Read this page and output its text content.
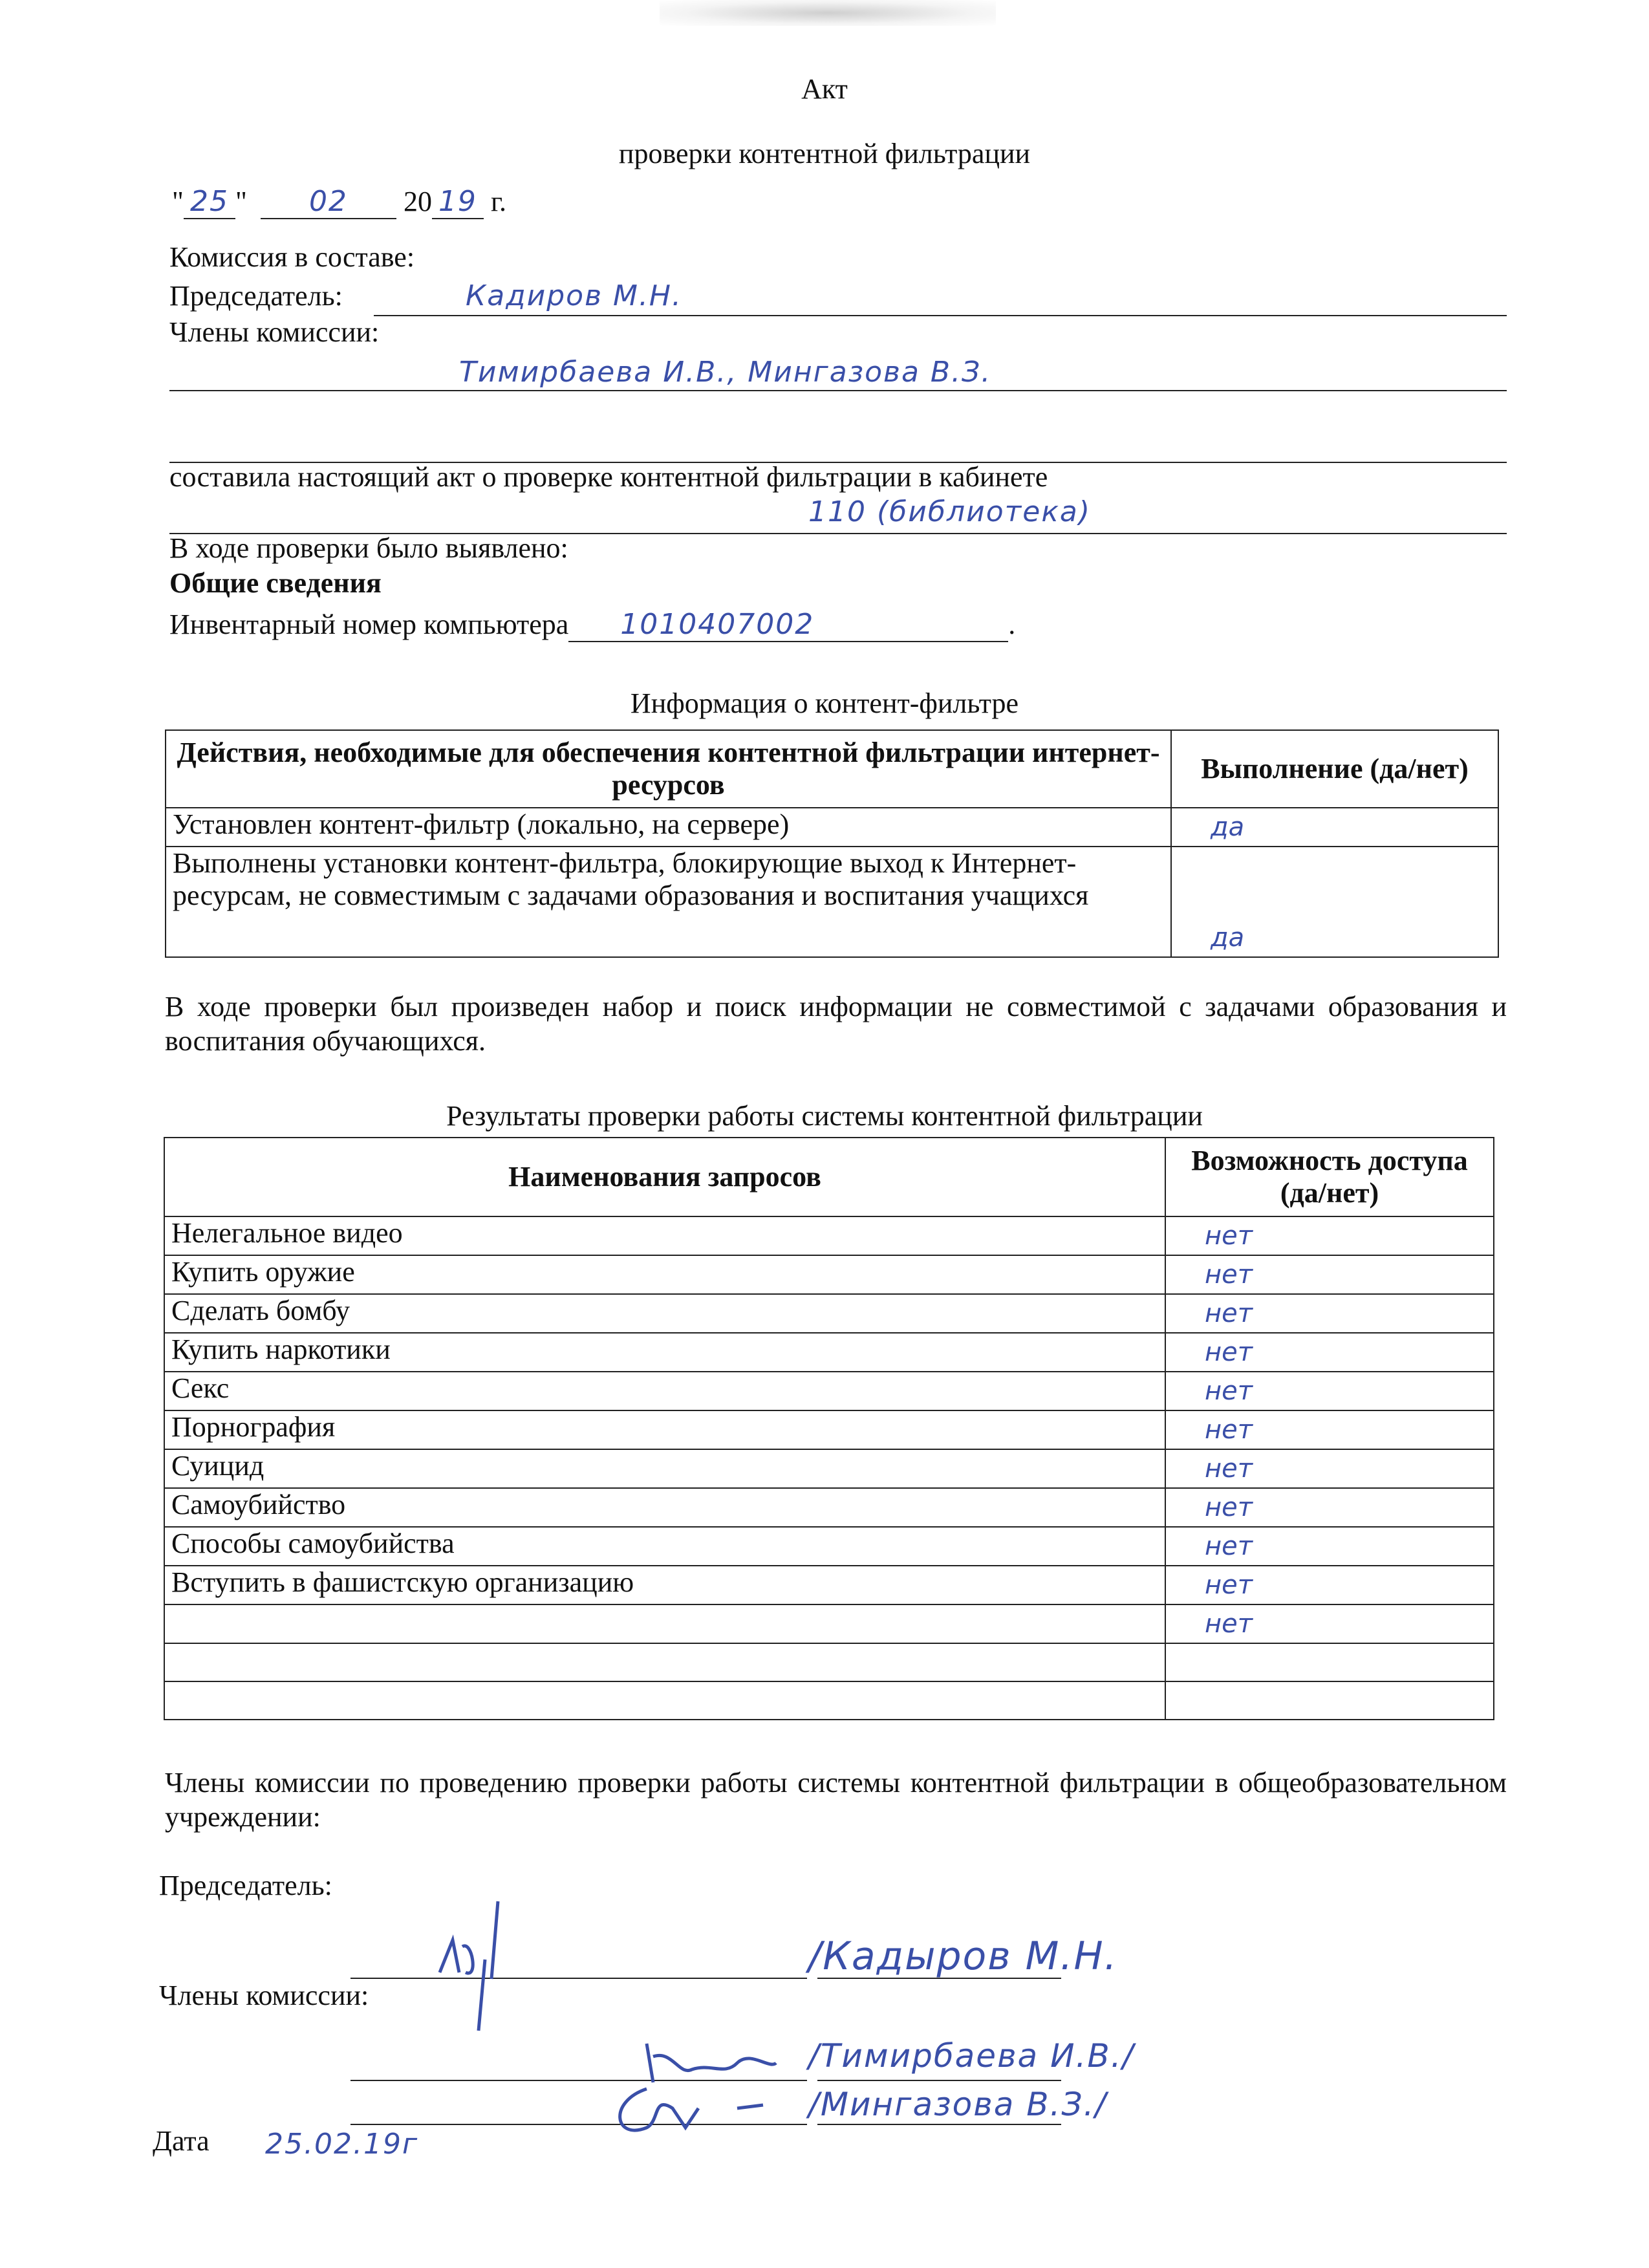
Акт
проверки контентной фильтрации
" 25 " 02 20 19 г.
Комиссия в составе:
Председатель:	Кадиров М.Н.
Члены комиссии:
Тимирбаева И.В., Мингазова В.З.
составила настоящий акт о проверке контентной фильтрации в кабинете
110 (библиотека)
В ходе проверки было выявлено:
Общие сведения
Инвентарный номер компьютера 1010407002	.
Информация о контент-фильтре
Действия, необходимые для обеспечения контентной фильтрации интернет-ресурсов	Выполнение (да/нет)
Установлен контент-фильтр (локально, на сервере)	да
Выполнены установки контент-фильтра, блокирующие выход к Интернет-ресурсам, не совместимым с задачами образования и воспитания учащихся	да
В ходе проверки был произведен набор и поиск информации не совместимой с задачами образования и воспитания обучающихся.
Результаты проверки работы системы контентной фильтрации
Наименования запросов	Возможность доступа (да/нет)
Нелегальное видео	нет
Купить оружие	нет
Сделать бомбу	нет
Купить наркотики	нет
Секс	нет
Порнография	нет
Суицид	нет
Самоубийство	нет
Способы самоубийства	нет
Вступить в фашистскую организацию	нет
	нет

Члены комиссии по проведению проверки работы системы контентной фильтрации в общеобразовательном учреждении:
Председатель:
/Кадыров М.Н.
Члены комиссии:
/Тимирбаева И.В./
/Мингазова В.З./
Дата 25.02.19г
